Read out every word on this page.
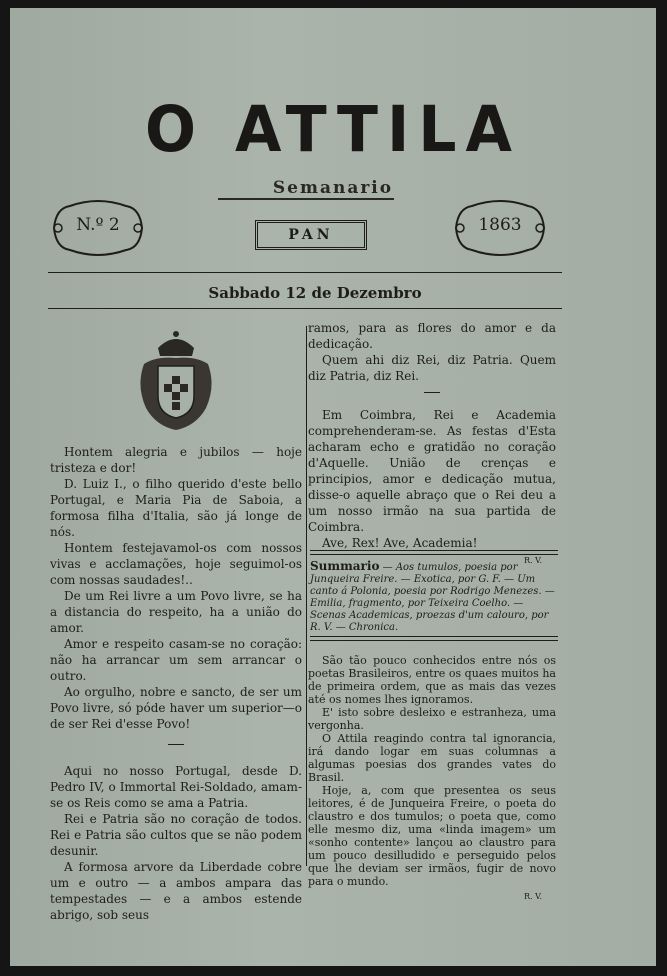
O ATTILA
Semanario
N.º 2	PAN	1863
Sabbado 12 de Dezembro

Hontem alegria e jubilos — hoje tristeza e dor!

D. Luiz I., o filho querido d'este bello Portugal, e Maria Pia de Saboia, a formosa filha d'Italia, são já longe de nós.

Hontem festejavamol-os com nossos vivas e acclamações, hoje seguimol-os com nossas saudades!..

De um Rei livre a um Povo livre, se ha a distancia do respeito, ha a união do amor.

Amor e respeito casam-se no coração: não ha arrancar um sem arrancar o outro.

Ao orgulho, nobre e sancto, de ser um Povo livre, só póde haver um superior—o de ser Rei d'esse Povo!

Aqui no nosso Portugal, desde D. Pedro IV, o Immortal Rei-Soldado, amam-se os Reis como se ama a Patria.

Rei e Patria são no coração de todos. Rei e Patria são cultos que se não podem desunir.

A formosa arvore da Liberdade cobre um e outro — a ambos ampara das tempestades — e a ambos estende abrigo, sob seus

ramos, para as flores do amor e da dedicação.

Quem ahi diz Rei, diz Patria. Quem diz Patria, diz Rei.

Em Coimbra, Rei e Academia comprehenderam-se. As festas d'Esta acharam echo e gratidão no coração d'Aquelle. União de crenças e principios, amor e dedicação mutua, disse-o aquelle abraço que o Rei deu a um nosso irmão na sua partida de Coimbra.

Ave, Rex! Ave, Academia!

R. V.
Summario — Aos tumulos, poesia por Junqueira Freire. — Exotica, por G. F. — Um canto á Polonia, poesia por Rodrigo Menezes. —Emilia, fragmento, por Teixeira Coelho. — Scenas Academicas, proezas d'um calouro, por R. V. — Chronica.

São tão pouco conhecidos entre nós os poetas Brasileiros, entre os quaes muitos ha de primeira ordem, que as mais das vezes até os nomes lhes ignoramos.

E' isto sobre desleixo e estranheza, uma vergonha.

O Attila reagindo contra tal ignorancia, irá dando logar em suas columnas a algumas poesias dos grandes vates do Brasil.

Hoje, a, com que presentea os seus leitores, é de Junqueira Freire, o poeta do claustro e dos tumulos; o poeta que, como elle mesmo diz, uma «linda imagem» um «sonho contente» lançou ao claustro para um pouco desilludido e perseguido pelos que lhe deviam ser irmãos, fugir de novo para o mundo.

R. V.
